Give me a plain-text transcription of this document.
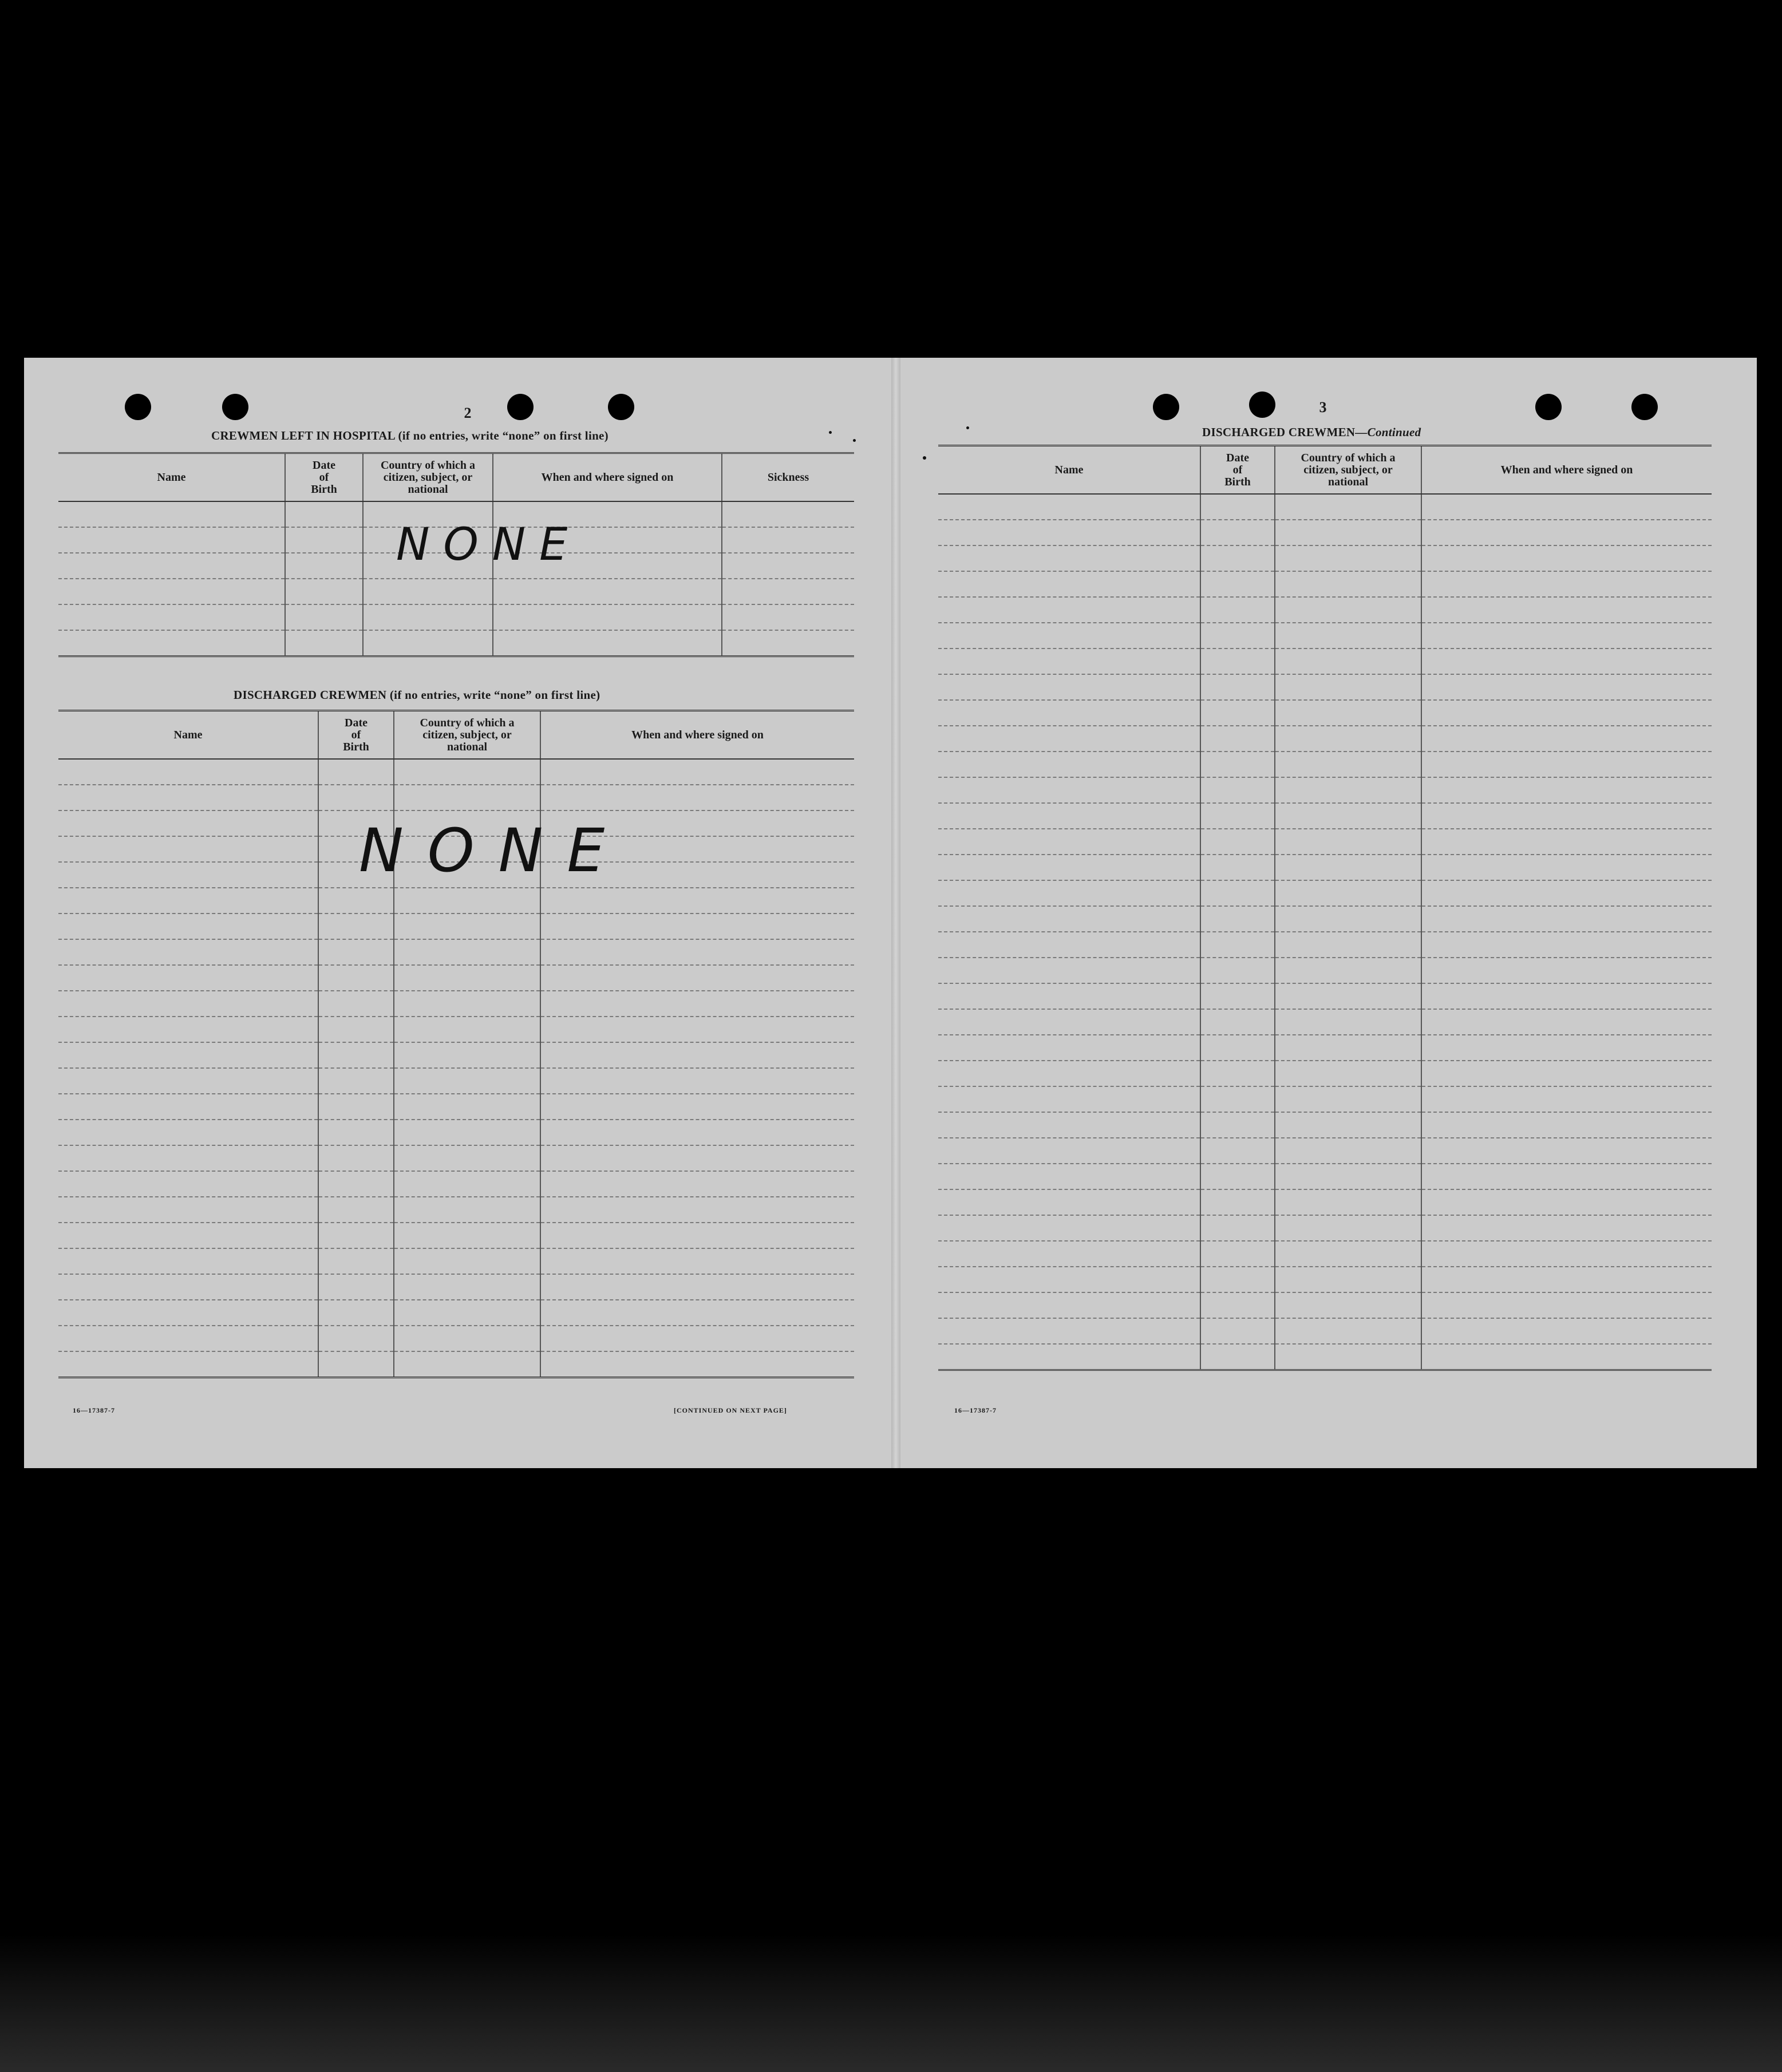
2
CREWMEN LEFT IN HOSPITAL (if no entries, write “none” on first line)
Name	Date
of
Birth	Country of which a
citizen, subject, or
national	When and where signed on	Sickness

NONE
DISCHARGED CREWMEN (if no entries, write “none” on first line)
Name	Date
of
Birth	Country of which a
citizen, subject, or
national	When and where signed on

NONE
16—17387-7	[CONTINUED ON NEXT PAGE]
3
DISCHARGED CREWMEN—Continued
Name	Date
of
Birth	Country of which a
citizen, subject, or
national	When and where signed on

16—17387-7
